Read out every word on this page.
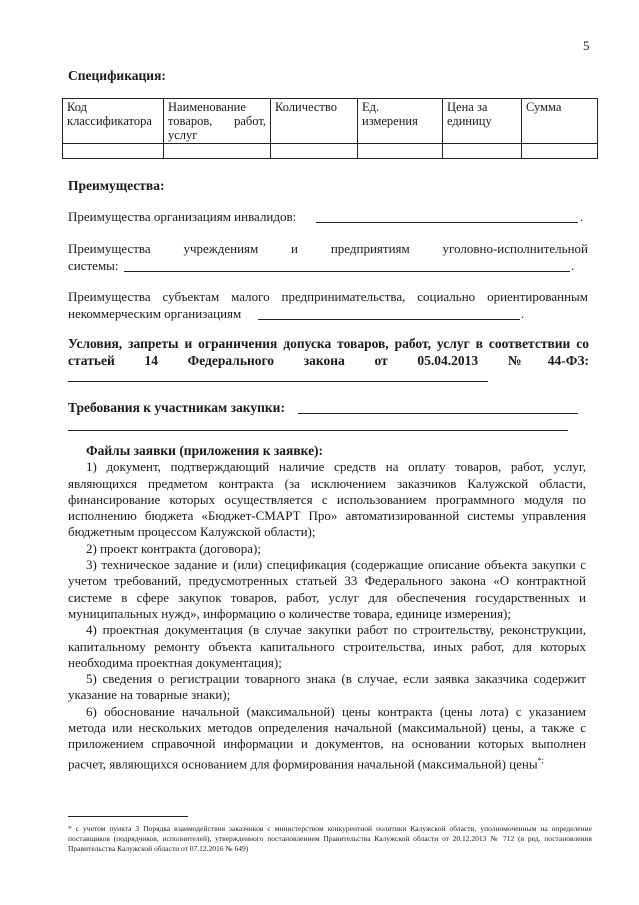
5
Спецификация:
Код классификатора	Наименование товаров, работ, услуг	Количество	Ед. измерения	Цена за единицу	Сумма

Преимущества:
Преимущества организациям инвалидов:	.
Преимущества учреждениям и предприятиям уголовно-исполнительной
системы:	.
Преимущества субъектам малого предпринимательства, социально ориентированным
некоммерческим организациям	.
Условия, запреты и ограничения допуска товаров, работ, услуг в соответствии со
статьей 14 Федерального закона от 05.04.2013 №44-ФЗ:
Требования к участникам закупки:

Файлы заявки (приложения к заявке):

1) документ, подтверждающий наличие средств на оплату товаров, работ, услуг, являющихся предметом контракта (за исключением заказчиков Калужской области, финансирование которых осуществляется с использованием программного модуля по исполнению бюджета «Бюджет-СМАРТ Про» автоматизированной системы управления бюджетным процессом Калужской области);

2) проект контракта (договора);

3) техническое задание и (или) спецификация (содержащие описание объекта закупки с учетом требований, предусмотренных статьей 33 Федерального закона «О контрактной системе в сфере закупок товаров, работ, услуг для обеспечения государственных и муниципальных нужд», информацию о количестве товара, единице измерения);

4) проектная документация (в случае закупки работ по строительству, реконструкции, капитальному ремонту объекта капитального строительства, иных работ, для которых необходима проектная документация);

5) сведения о регистрации товарного знака (в случае, если заявка заказчика содержит указание на товарные знаки);

6) обоснование начальной (максимальной) цены контракта (цены лота) с указанием метода или нескольких методов определения начальной (максимальной) цены, а также с приложением справочной информации и документов, на основании которых выполнен расчет, являющихся основанием для формирования начальной (максимальной) цены*;

* с учетом пункта 3 Порядка взаимодействия заказчиков с министерством конкурентной политики Калужской области, уполномоченным на определение поставщиков (подрядчиков, исполнителей), утвержденного постановлением Правительства Калужской области от 20.12.2013 № 712 (в ред. постановления Правительства Калужской области от 07.12.2016 № 649)
